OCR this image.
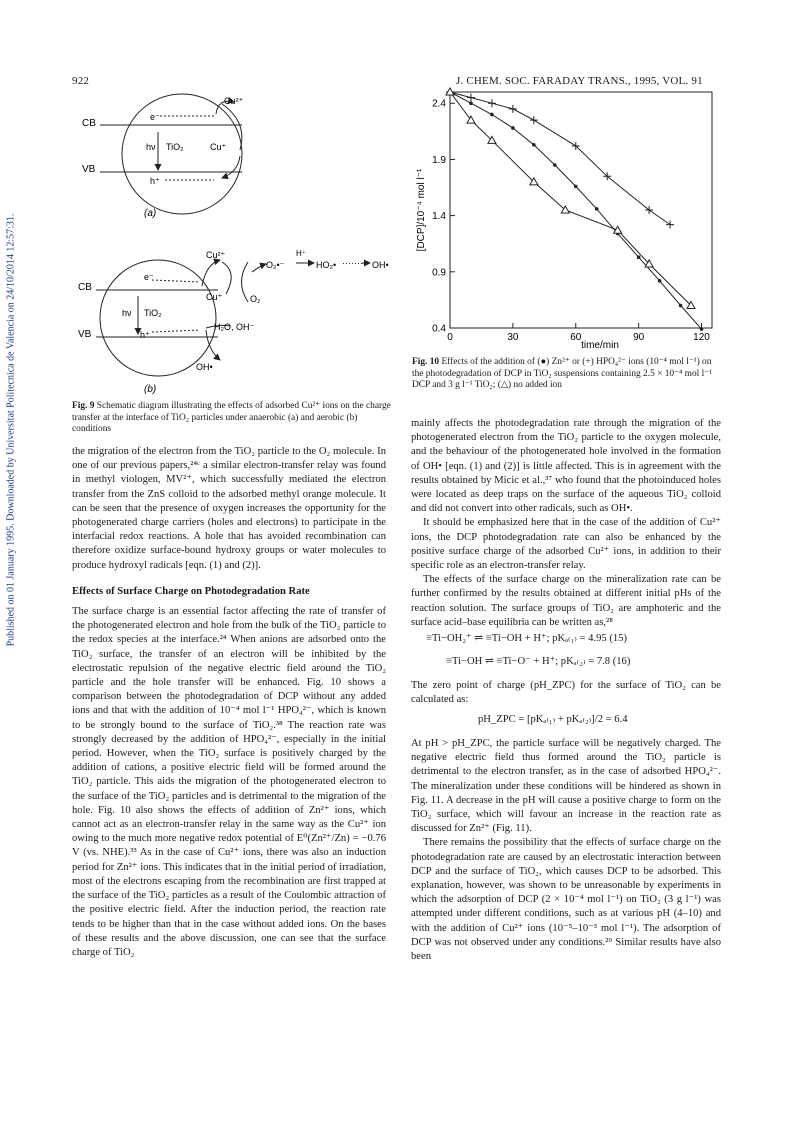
922	J. CHEM. SOC. FARADAY TRANS., 1995, VOL. 91
Published on 01 January 1995. Downloaded by Universitat Politecnica de Valencia on 24/10/2014 12:57:31.
CB
VB
e⁻
h⁺
hν TiO₂
Cu²⁺
Cu⁺
(a)
CB
VB
e⁻
h⁺
hν TiO₂
Cu²⁺
Cu⁺
O₂•⁻
H⁺
HO₂• ········· OH•
O₂
H₂O, OH⁻
OH•
(b)
Fig. 9 Schematic diagram illustrating the effects of adsorbed Cu²⁺ ions on the charge transfer at the interface of TiO₂ particles under anaerobic (a) and aerobic (b) conditions
0.4
0.9
1.4
1.9
2.4
0	30	60	90	120
time/min
[DCP]/10⁻⁴ mol l⁻¹
Fig. 10 Effects of the addition of (●) Zn²⁺ or (+) HPO₄²⁻ ions (10⁻⁴ mol l⁻¹) on the photodegradation of DCP in TiO₂ suspensions containing 2.5 × 10⁻⁴ mol l⁻¹ DCP and 3 g l⁻¹ TiO₂; (△) no added ion

the migration of the electron from the TiO₂ particle to the O₂ molecule. In one of our previous papers,²⁴ᶜ a similar electron-transfer relay was found in methyl viologen, MV²⁺, which successfully mediated the electron transfer from the ZnS colloid to the adsorbed methyl orange molecule. It can be seen that the presence of oxygen increases the opportunity for the photogenerated charge carriers (holes and electrons) to participate in the interfacial redox reactions. A hole that has avoided recombination can therefore oxidize surface-bound hydroxy groups or water molecules to produce hydroxyl radicals [eqn. (1) and (2)].

Effects of Surface Charge on Photodegradation Rate

The surface charge is an essential factor affecting the rate of transfer of the photogenerated electron and hole from the bulk of the TiO₂ particle to the redox species at the interface.²⁴ When anions are adsorbed onto the TiO₂ surface, the transfer of an electron will be inhibited by the electrostatic repulsion of the negative electric field around the TiO₂ particle and the hole transfer will be enhanced. Fig. 10 shows a comparison between the photodegradation of DCP without any added ions and that with the addition of 10⁻⁴ mol l⁻¹ HPO₄²⁻, which is known to be strongly bound to the surface of TiO₂.³⁸ The reaction rate was strongly decreased by the addition of HPO₄²⁻, especially in the initial period. However, when the TiO₂ surface is positively charged by the addition of cations, a positive electric field will be formed around the TiO₂ particle. This aids the migration of the photogenerated electron to the surface of the TiO₂ particles and is detrimental to the migration of the hole. Fig. 10 also shows the effects of addition of Zn²⁺ ions, which cannot act as an electron-transfer relay in the same way as the Cu²⁺ ion owing to the much more negative redox potential of E⁰(Zn²⁺/Zn) = −0.76 V (vs. NHE).³³ As in the case of Cu²⁺ ions, there was also an induction period for Zn²⁺ ions. This indicates that in the initial period of irradiation, most of the electrons escaping from the recombination are first trapped at the surface of the TiO₂ particles as a result of the Coulombic attraction of the positive electric field. After the induction period, the reaction rate tends to be higher than that in the case without added ions. On the bases of these results and the above discussion, one can see that the surface charge of TiO₂

mainly affects the photodegradation rate through the migration of the photogenerated electron from the TiO₂ particle to the oxygen molecule, and the behaviour of the photogenerated hole involved in the formation of OH• [eqn. (1) and (2)] is little affected. This is in agreement with the results obtained by Micic et al.,³⁷ who found that the photoinduced holes were located as deep traps on the surface of the aqueous TiO₂ colloid and did not convert into other radicals, such as OH•.

It should be emphasized here that in the case of the addition of Cu²⁺ ions, the DCP photodegradation rate can also be enhanced by the positive surface charge of the adsorbed Cu²⁺ ions, in addition to their specific role as an electron-transfer relay.

The effects of the surface charge on the mineralization rate can be further confirmed by the results obtained at different initial pHs of the reaction solution. The surface groups of TiO₂ are amphoteric and the surface acid–base equilibria can be written as,²⁸

≡Ti−OH₂⁺ ⇌ ≡Ti−OH + H⁺; pKₐ₍₁₎ = 4.95 (15)
≡Ti−OH ⇌ ≡Ti−O⁻ + H⁺; pKₐ₍₂₎ = 7.8 (16)

The zero point of charge (pH_ZPC) for the surface of TiO₂ can be calculated as:

pH_ZPC = [pKₐ₍₁₎ + pKₐ₍₂₎]/2 = 6.4

At pH > pH_ZPC, the particle surface will be negatively charged. The negative electric field thus formed around the TiO₂ particle is detrimental to the electron transfer, as in the case of adsorbed HPO₄²⁻. The mineralization under these conditions will be hindered as shown in Fig. 11. A decrease in the pH will cause a positive charge to form on the TiO₂ surface, which will favour an increase in the reaction rate as discussed for Zn²⁺ (Fig. 11).

There remains the possibility that the effects of surface charge on the photodegradation rate are caused by an electrostatic interaction between DCP and the surface of TiO₂, which causes DCP to be adsorbed. This explanation, however, was shown to be unreasonable by experiments in which the adsorption of DCP (2 × 10⁻⁴ mol l⁻¹) on TiO₂ (3 g l⁻¹) was attempted under different conditions, such as at various pH (4–10) and with the addition of Cu²⁺ ions (10⁻⁵–10⁻³ mol l⁻¹). The adsorption of DCP was not observed under any conditions.²⁹ Similar results have also been
